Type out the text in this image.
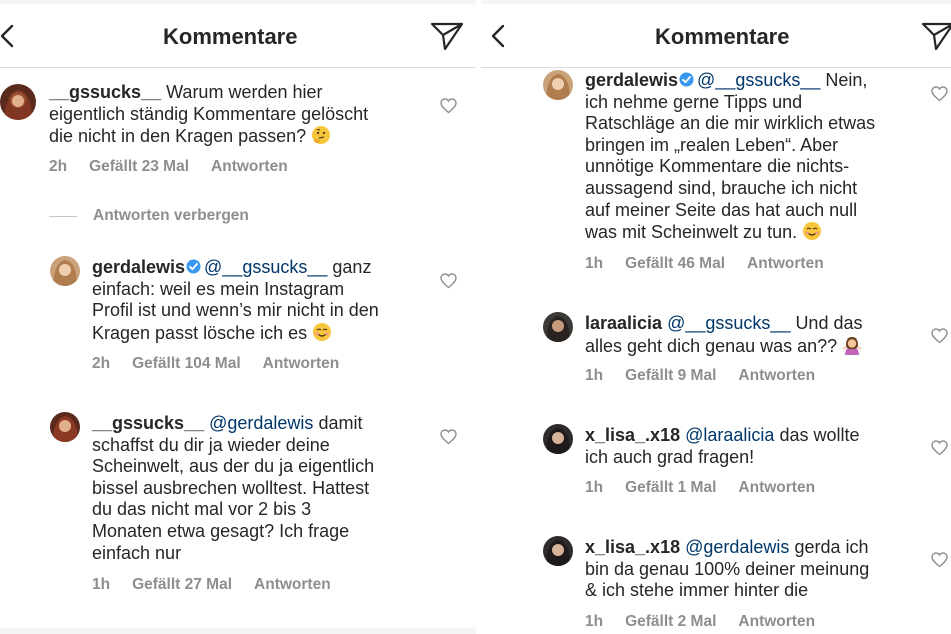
Kommentare
__gssucks__ Warum werden hier
eigentlich ständig Kommentare gelöscht
die nicht in den Kragen passen?
2h Gefällt 23 Mal Antworten
Antworten verbergen
gerdalewis @__gssucks__ ganz
einfach: weil es mein Instagram
Profil ist und wenn’s mir nicht in den
Kragen passt lösche ich es
2h Gefällt 104 Mal Antworten
__gssucks__ @gerdalewis damit
schaffst du dir ja wieder deine
Scheinwelt, aus der du ja eigentlich
bissel ausbrechen wolltest. Hattest
du das nicht mal vor 2 bis 3
Monaten etwa gesagt? Ich frage
einfach nur
1h Gefällt 27 Mal Antworten
Kommentare
gerdalewis @__gssucks__ Nein,
ich nehme gerne Tipps und
Ratschläge an die mir wirklich etwas
bringen im „realen Leben“. Aber
unnötige Kommentare die nichts-
aussagend sind, brauche ich nicht
auf meiner Seite das hat auch null
was mit Scheinwelt zu tun.
1h Gefällt 46 Mal Antworten
laraalicia @__gssucks__ Und das
alles geht dich genau was an??
1h Gefällt 9 Mal Antworten
x_lisa_.x18 @laraalicia das wollte
ich auch grad fragen!
1h Gefällt 1 Mal Antworten
x_lisa_.x18 @gerdalewis gerda ich
bin da genau 100% deiner meinung
& ich stehe immer hinter die
1h Gefällt 2 Mal Antworten
